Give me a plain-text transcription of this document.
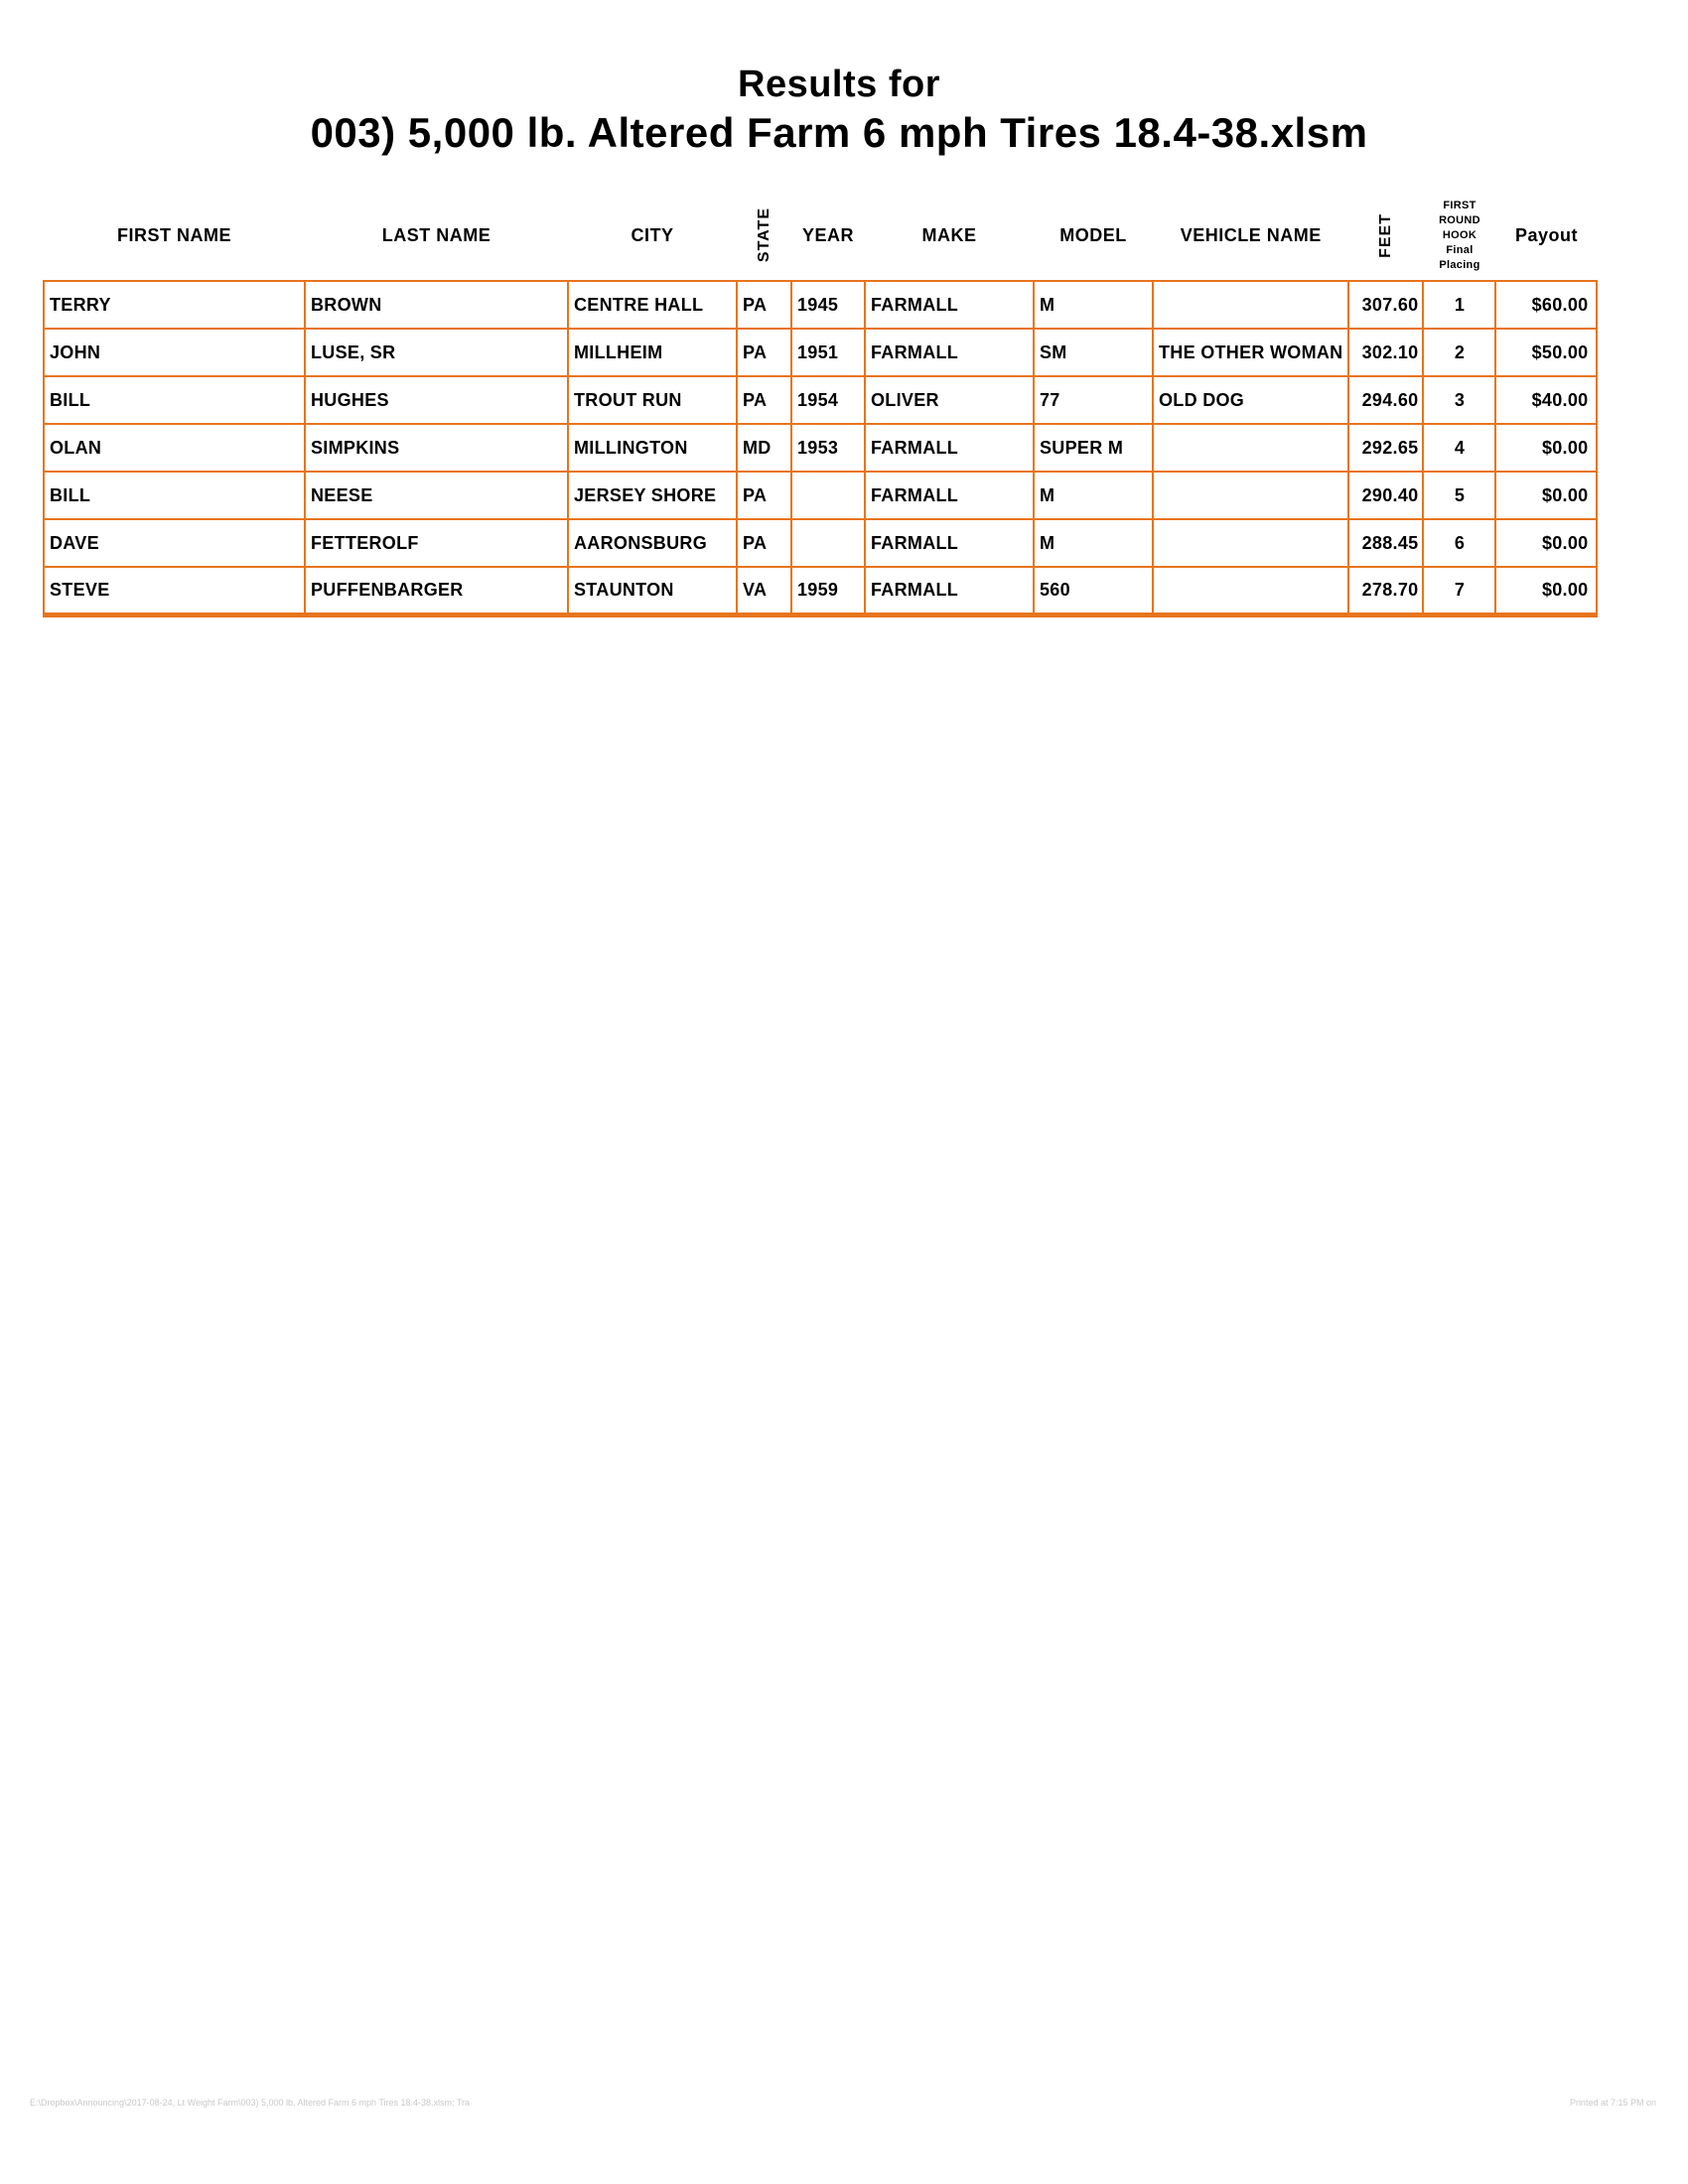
Results for
003) 5,000 lb. Altered Farm 6 mph Tires 18.4-38.xlsm
FIRST NAME	LAST NAME	CITY	STATE	YEAR	MAKE	MODEL	VEHICLE NAME	FEET	FIRST
ROUND
HOOK
Final
Placing	Payout
TERRY	BROWN	CENTRE HALL	PA	1945	FARMALL	M		307.60	1	$60.00
JOHN	LUSE, SR	MILLHEIM	PA	1951	FARMALL	SM	THE OTHER WOMAN	302.10	2	$50.00
BILL	HUGHES	TROUT RUN	PA	1954	OLIVER	77	OLD DOG	294.60	3	$40.00
OLAN	SIMPKINS	MILLINGTON	MD	1953	FARMALL	SUPER M		292.65	4	$0.00
BILL	NEESE	JERSEY SHORE	PA		FARMALL	M		290.40	5	$0.00
DAVE	FETTEROLF	AARONSBURG	PA		FARMALL	M		288.45	6	$0.00
STEVE	PUFFENBARGER	STAUNTON	VA	1959	FARMALL	560		278.70	7	$0.00
E:\Dropbox\Announcing\2017-08-24, Lt Weight Farm\003) 5,000 lb. Altered Farm 6 mph Tires 18.4-38.xlsm; Tra	Printed at 7:15 PM on
